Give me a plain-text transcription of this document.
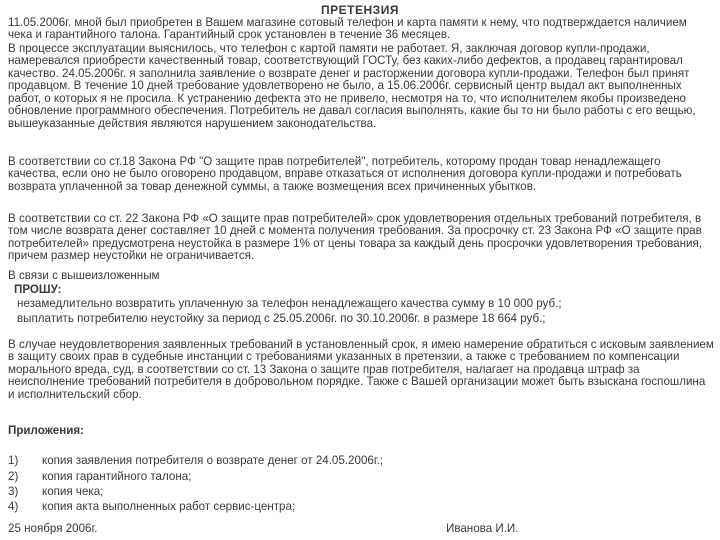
ПРЕТЕНЗИЯ

11.05.2006г. мной был приобретен в Вашем магазине сотовый телефон и карта памяти к нему, что подтверждается наличием чека и гарантийного талона. Гарантийный срок установлен в течение 36 месяцев.

В процессе эксплуатации выяснилось, что телефон с картой памяти не работает. Я, заключая договор купли-продажи, намеревался приобрести качественный товар, соответствующий ГОСТу, без каких-либо дефектов, а продавец гарантировал качество. 24.05.2006г. я заполнила заявление о возврате денег и расторжении договора купли-продажи. Телефон был принят продавцом. В течение 10 дней требование удовлетворено не было, а 15.06.2006г. сервисный центр выдал акт выполненных работ, о которых я не просила. К устранению дефекта это не привело, несмотря на то, что исполнителем якобы произведено обновление программного обеспечения. Потребитель не давал согласия выполнять, какие бы то ни было работы с его вещью, вышеуказанные действия являются нарушением законодательства.

В соответствии со ст.18 Закона РФ "О защите прав потребителей", потребитель, которому продан товар ненадлежащего качества, если оно не было оговорено продавцом, вправе отказаться от исполнения договора купли-продажи и потребовать возврата уплаченной за товар денежной суммы, а также возмещения всех причиненных убытков.

В соответствии со ст. 22 Закона РФ «О защите прав потребителей» срок удовлетворения отдельных требований потребителя, в том числе возврата денег составляет 10 дней с момента получения требования. За просрочку ст. 23 Закона РФ «О защите прав потребителей» предусмотрена неустойка в размере 1% от цены товара за каждый день просрочки удовлетворения требования, причем размер неустойки не ограничивается.

В связи с вышеизложенным

ПРОШУ:
незамедлительно возвратить уплаченную за телефон ненадлежащего качества сумму в 10 000 руб.;
выплатить потребителю неустойку за период с 25.05.2006г. по 30.10.2006г. в размере 18 664 руб.;

В случае неудовлетворения заявленных требований в установленный срок, я имею намерение обратиться с исковым заявлением в защиту своих прав в судебные инстанции с требованиями указанных в претензии, а также с требованием по компенсации морального вреда, суд, в соответствии со ст. 13 Закона о защите прав потребителя, налагает на продавца штраф за неисполнение требований потребителя в добровольном порядке. Также с Вашей организации может быть взыскана госпошлина и исполнительский сбор.

Приложения:
1) копия заявления потребителя о возврате денег от 24.05.2006г.;
2) копия гарантийного талона;
3) копия чека;
4) копия акта выполненных работ сервис-центра;
25 ноября 2006г.	Иванова И.И.
